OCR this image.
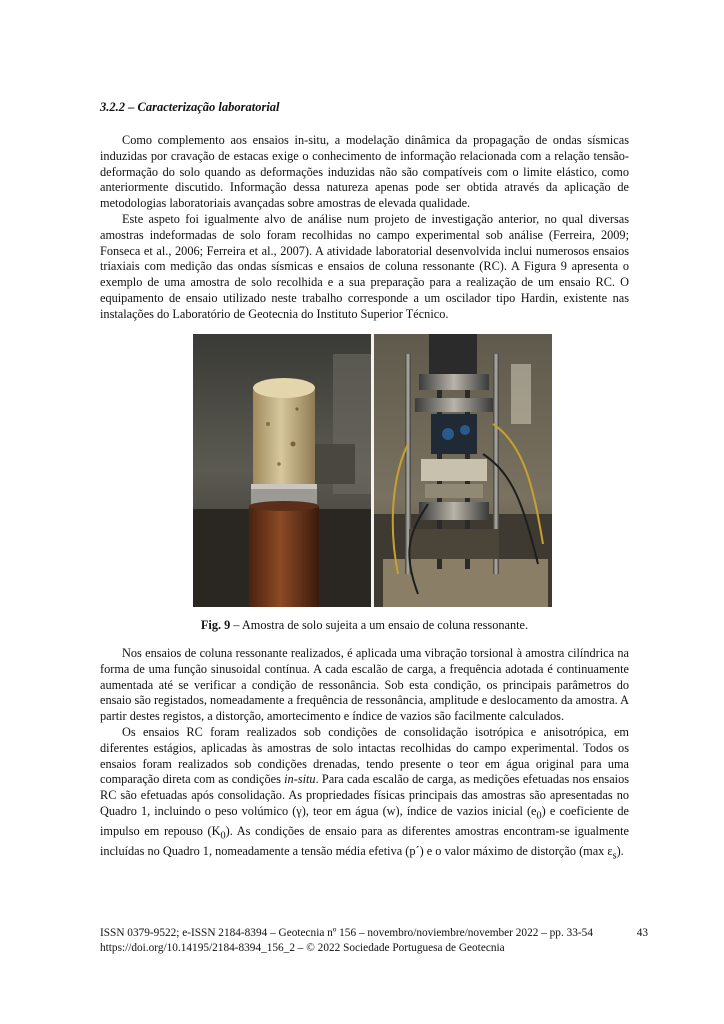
3.2.2 – Caracterização laboratorial

Como complemento aos ensaios in-situ, a modelação dinâmica da propagação de ondas sísmicas induzidas por cravação de estacas exige o conhecimento de informação relacionada com a relação tensão-deformação do solo quando as deformações induzidas não são compatíveis com o limite elástico, como anteriormente discutido. Informação dessa natureza apenas pode ser obtida através da aplicação de metodologias laboratoriais avançadas sobre amostras de elevada qualidade.

Este aspeto foi igualmente alvo de análise num projeto de investigação anterior, no qual diversas amostras indeformadas de solo foram recolhidas no campo experimental sob análise (Ferreira, 2009; Fonseca et al., 2006; Ferreira et al., 2007). A atividade laboratorial desenvolvida inclui numerosos ensaios triaxiais com medição das ondas sísmicas e ensaios de coluna ressonante (RC). A Figura 9 apresenta o exemplo de uma amostra de solo recolhida e a sua preparação para a realização de um ensaio RC. O equipamento de ensaio utilizado neste trabalho corresponde a um oscilador tipo Hardin, existente nas instalações do Laboratório de Geotecnia do Instituto Superior Técnico.

Fig. 9 – Amostra de solo sujeita a um ensaio de coluna ressonante.

Nos ensaios de coluna ressonante realizados, é aplicada uma vibração torsional à amostra cilíndrica na forma de uma função sinusoidal contínua. A cada escalão de carga, a frequência adotada é continuamente aumentada até se verificar a condição de ressonância. Sob esta condição, os principais parâmetros do ensaio são registados, nomeadamente a frequência de ressonância, amplitude e deslocamento da amostra. A partir destes registos, a distorção, amortecimento e índice de vazios são facilmente calculados.

Os ensaios RC foram realizados sob condições de consolidação isotrópica e anisotrópica, em diferentes estágios, aplicadas às amostras de solo intactas recolhidas do campo experimental. Todos os ensaios foram realizados sob condições drenadas, tendo presente o teor em água original para uma comparação direta com as condições in-situ. Para cada escalão de carga, as medições efetuadas nos ensaios RC são efetuadas após consolidação. As propriedades físicas principais das amostras são apresentadas no Quadro 1, incluindo o peso volúmico (γ), teor em água (w), índice de vazios inicial $(e_0)$ e coeficiente de impulso em repouso $(K_0)$. As condições de ensaio para as diferentes amostras encontram-se igualmente incluídas no Quadro 1, nomeadamente a tensão média efetiva (p´) e o valor máximo de distorção (max $\varepsilon_s$).

ISSN 0379-9522; e-ISSN 2184-8394 – Geotecnia nº 156 – novembro/noviembre/november 2022 – pp. 33-54	43
https://doi.org/10.14195/2184-8394_156_2 – © 2022 Sociedade Portuguesa de Geotecnia
